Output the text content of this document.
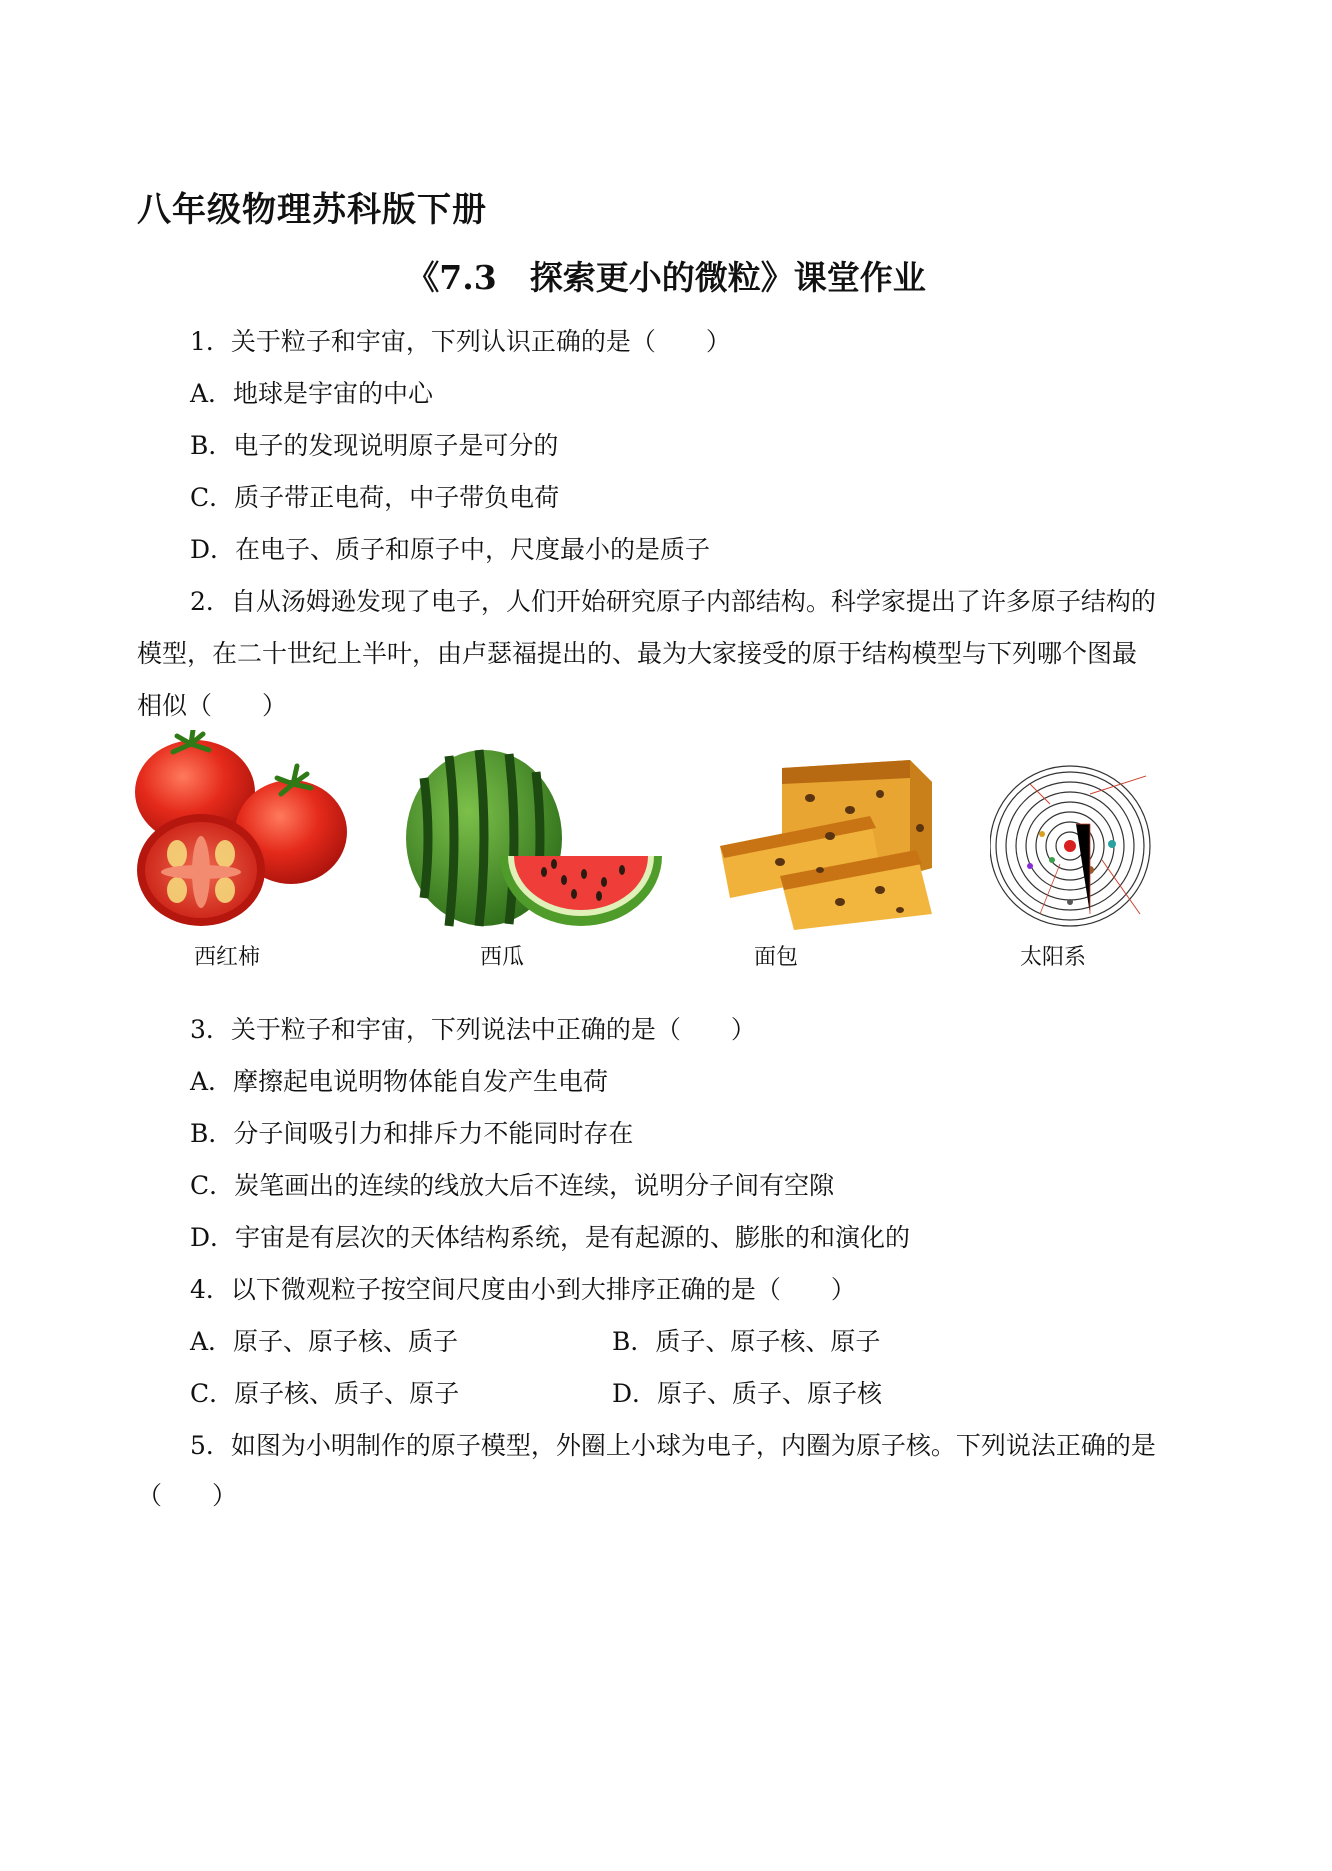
八年级物理苏科版下册
《7.3　探索更小的微粒》课堂作业
1．关于粒子和宇宙，下列认识正确的是（　　）
A．地球是宇宙的中心
B．电子的发现说明原子是可分的
C．质子带正电荷，中子带负电荷
D．在电子、质子和原子中，尺度最小的是质子
2．自从汤姆逊发现了电子，人们开始研究原子内部结构。科学家提出了许多原子结构的
模型，在二十世纪上半叶，由卢瑟福提出的、最为大家接受的原于结构模型与下列哪个图最
相似（　　）
西红柿	西瓜	面包	太阳系
3．关于粒子和宇宙，下列说法中正确的是（　　）
A．摩擦起电说明物体能自发产生电荷
B．分子间吸引力和排斥力不能同时存在
C．炭笔画出的连续的线放大后不连续，说明分子间有空隙
D．宇宙是有层次的天体结构系统，是有起源的、膨胀的和演化的
4．以下微观粒子按空间尺度由小到大排序正确的是（　　）
A．原子、原子核、质子	B．质子、原子核、原子
C．原子核、质子、原子	D．原子、质子、原子核
5．如图为小明制作的原子模型，外圈上小球为电子，内圈为原子核。下列说法正确的是
（　　）
